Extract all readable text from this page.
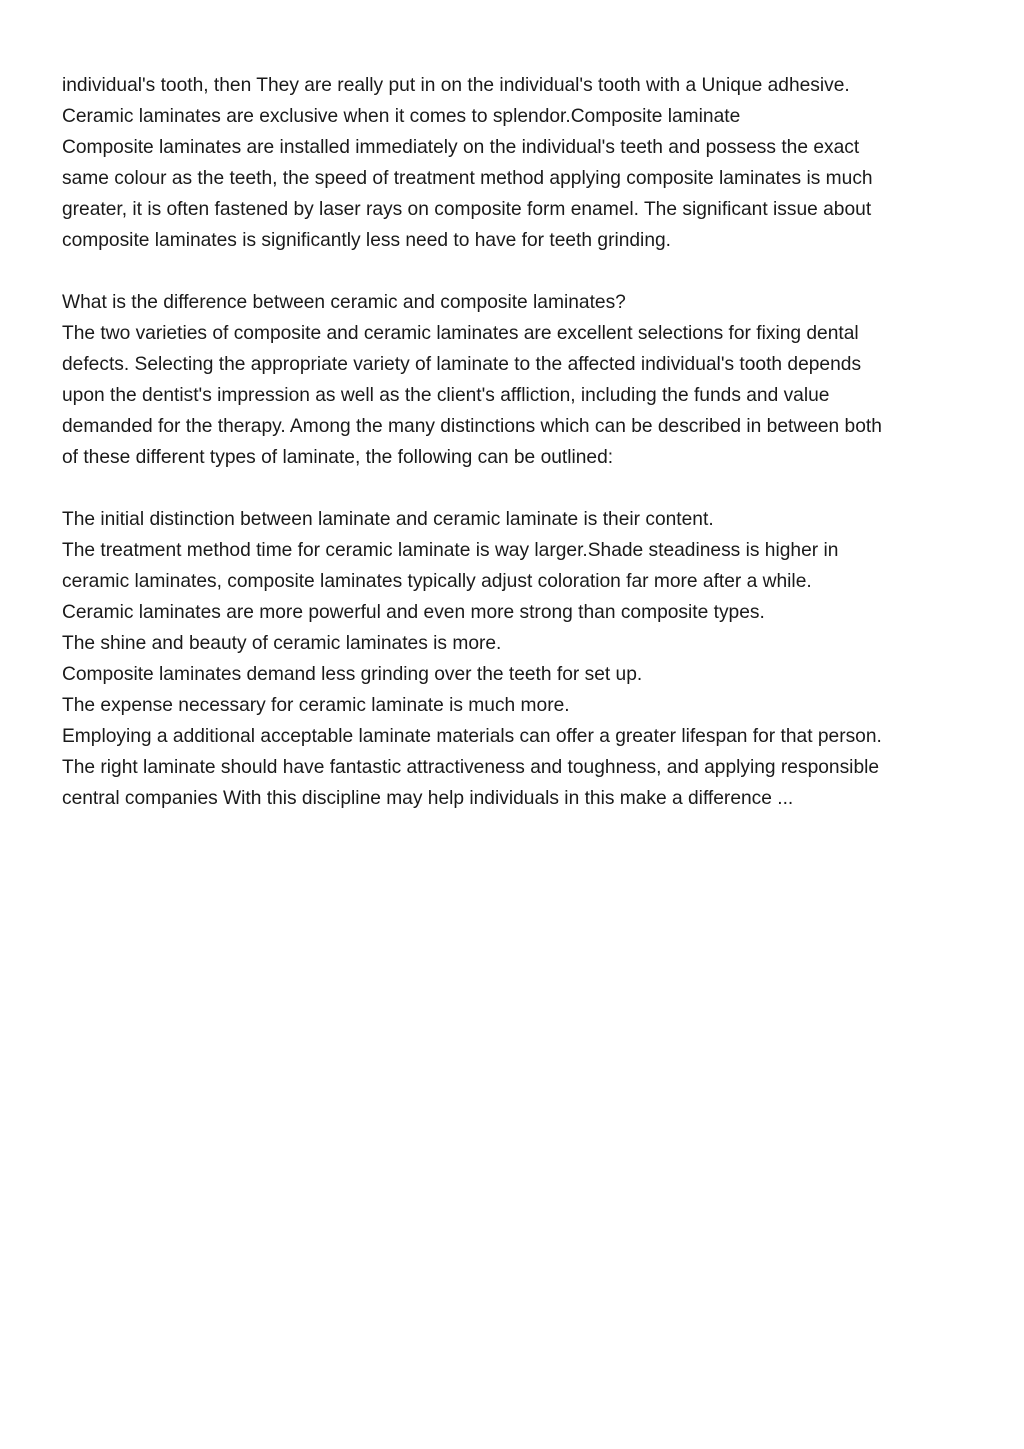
individual's tooth, then They are really put in on the individual's tooth with a Unique adhesive.
Ceramic laminates are exclusive when it comes to splendor.Composite laminate
Composite laminates are installed immediately on the individual's teeth and possess the exact
same colour as the teeth, the speed of treatment method applying composite laminates is much
greater, it is often fastened by laser rays on composite form enamel. The significant issue about
composite laminates is significantly less need to have for teeth grinding.
What is the difference between ceramic and composite laminates?
The two varieties of composite and ceramic laminates are excellent selections for fixing dental
defects. Selecting the appropriate variety of laminate to the affected individual's tooth depends
upon the dentist's impression as well as the client's affliction, including the funds and value
demanded for the therapy. Among the many distinctions which can be described in between both
of these different types of laminate, the following can be outlined:
The initial distinction between laminate and ceramic laminate is their content.
The treatment method time for ceramic laminate is way larger.Shade steadiness is higher in
ceramic laminates, composite laminates typically adjust coloration far more after a while.
Ceramic laminates are more powerful and even more strong than composite types.
The shine and beauty of ceramic laminates is more.
Composite laminates demand less grinding over the teeth for set up.
The expense necessary for ceramic laminate is much more.
Employing a additional acceptable laminate materials can offer a greater lifespan for that person.
The right laminate should have fantastic attractiveness and toughness, and applying responsible
central companies With this discipline may help individuals in this make a difference ...
